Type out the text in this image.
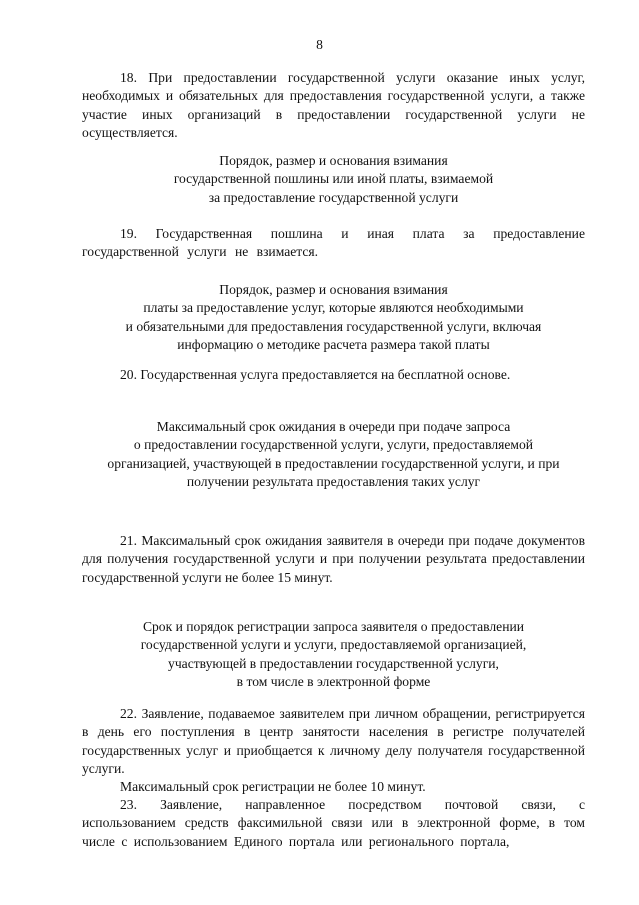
8

18. При предоставлении государственной услуги оказание иных услуг, необходимых и обязательных для предоставления государственной услуги, а также участие иных организаций в предоставлении государственной услуги не осуществляется.

Порядок, размер и основания взимания
государственной пошлины или иной платы, взимаемой
за предоставление государственной услуги

19. Государственная пошлина и иная плата за предоставление государственной услуги не взимается.

Порядок, размер и основания взимания
платы за предоставление услуг, которые являются необходимыми
и обязательными для предоставления государственной услуги, включая
информацию о методике расчета размера такой платы

20. Государственная услуга предоставляется на бесплатной основе.

Максимальный срок ожидания в очереди при подаче запроса
о предоставлении государственной услуги, услуги, предоставляемой
организацией, участвующей в предоставлении государственной услуги, и при
получении результата предоставления таких услуг

21. Максимальный срок ожидания заявителя в очереди при подаче документов для получения государственной услуги и при получении результата предоставлении государственной услуги не более 15 минут.

Срок и порядок регистрации запроса заявителя о предоставлении
государственной услуги и услуги, предоставляемой организацией,
участвующей в предоставлении государственной услуги,
в том числе в электронной форме

22. Заявление, подаваемое заявителем при личном обращении, регистрируется в день его поступления в центр занятости населения в регистре получателей государственных услуг и приобщается к личному делу получателя государственной услуги.

Максимальный срок регистрации не более 10 минут.

23. Заявление, направленное посредством почтовой связи, с использованием средств факсимильной связи или в электронной форме, в том числе с использованием Единого портала или регионального портала,
